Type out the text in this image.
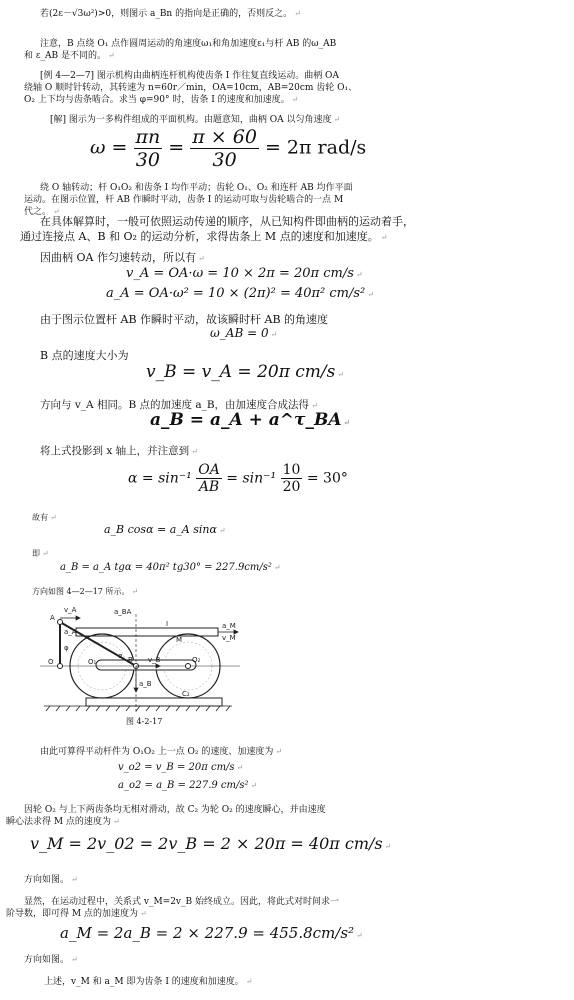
若(2ε－√3ω²)>0，则图示 a_Bn 的指向是正确的，否则反之。 ↵
注意，B 点绕 O₁ 点作圆周运动的角速度ω₁和角加速度ε₁与杆 AB 的ω_AB
和 ε_AB 是不同的。 ↵
[例 4—2—7] 图示机构由曲柄连杆机构使齿条 I 作往复直线运动。曲柄 OA
绕轴 O 顺时针转动，其转速为 n=60r／min，OA=10cm，AB=20cm 齿轮 O₁、
O₂ 上下均与齿条啮合。求当 φ=90° 时，齿条 I 的速度和加速度。 ↵
[解] 图示为一多构件组成的平面机构。由题意知，曲柄 OA 以匀角速度 ↵
$\omega = \frac{\pi n}{30} = \frac{\pi \times 60}{30} = 2\pi$ rad/s
绕 O 轴转动；杆 O₁O₂ 和齿条 I 均作平动；齿轮 O₁、O₂ 和连杆 AB 均作平面
运动。在图示位置，杆 AB 作瞬时平动，齿条 I 的运动可取与齿轮啮合的一点 M
代之。 ↵
在具体解算时，一般可依照运动传递的顺序，从已知构件即曲柄的运动着手，
通过连接点 A、B 和 O₂ 的运动分析，求得齿条上 M 点的速度和加速度。 ↵
因曲柄 OA 作匀速转动，所以有 ↵
v_A = OA·ω = 10 × 2π = 20π cm/s ↵
a_A = OA·ω² = 10 × (2π)² = 40π² cm/s² ↵
由于图示位置杆 AB 作瞬时平动，故该瞬时杆 AB 的角速度
ω_AB = 0 ↵
B 点的速度大小为
v_B = v_A = 20π cm/s ↵
方向与 v_A 相同。B 点的加速度 a_B，由加速度合成法得 ↵
a_B = a_A + a^τ_BA ↵
将上式投影到 x 轴上，并注意到 ↵
$\alpha = \sin^{-1} \frac{OA}{AB} = \sin^{-1} \frac{10}{20} = 30^\circ$
故有 ↵
a_B cosα = a_A sinα ↵
即 ↵
a_B = a_A tgα = 40π² tg30° = 227.9cm/s² ↵
方向如图 4—2—17 所示。 ↵
A
v_A
O
φ
O₁	B
α
a_B
v_B
a_BA
I
M
O₂
C₂
a_M
v_M
a_A
图 4-2-17
由此可算得平动杆件为 O₁O₂ 上一点 O₂ 的速度、加速度为 ↵
v_o2 = v_B = 20π cm/s ↵
a_o2 = a_B = 227.9 cm/s² ↵
因轮 O₂ 与上下两齿条均无相对滑动，故 C₂ 为轮 O₂ 的速度瞬心，并由速度
瞬心法求得 M 点的速度为 ↵
v_M = 2v_02 = 2v_B = 2 × 20π = 40π cm/s ↵
方向如图。 ↵
显然，在运动过程中，关系式 v_M=2v_B 始终成立。因此，将此式对时间求一
阶导数，即可得 M 点的加速度为 ↵
a_M = 2a_B = 2 × 227.9 = 455.8cm/s² ↵
方向如图。 ↵
上述，v_M 和 a_M 即为齿条 I 的速度和加速度。 ↵
